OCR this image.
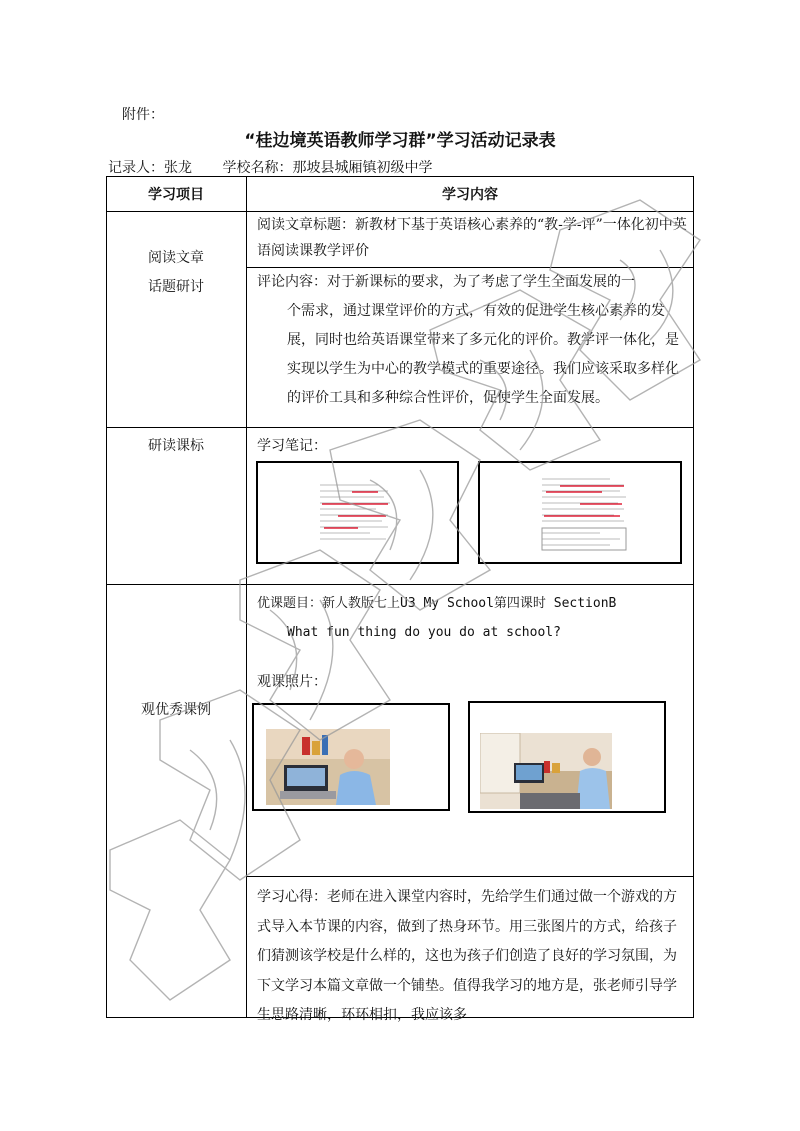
附件：
“桂边境英语教师学习群”学习活动记录表
记录人：张龙 学校名称：那坡县城厢镇初级中学
学习项目	学习内容
阅读文章
话题研讨
阅读文章标题：新教材下基于英语核心素养的“教-学-评”一体化初中英语阅读课教学评价
评论内容：对于新课标的要求，为了考虑了学生全面发展的一
个需求，通过课堂评价的方式，有效的促进学生核心素养的发展，同时也给英语课堂带来了多元化的评价。教学评一体化，是实现以学生为中心的教学模式的重要途径。我们应该采取多样化的评价工具和多种综合性评价，促使学生全面发展。
研读课标	学习笔记：
观优秀课例
优课题目：新人教版七上U3 My School第四课时 SectionB
What fun thing do you do at school?
观课照片：
学习心得：老师在进入课堂内容时，先给学生们通过做一个游戏的方式导入本节课的内容，做到了热身环节。用三张图片的方式，给孩子们猜测该学校是什么样的，这也为孩子们创造了良好的学习氛围，为下文学习本篇文章做一个铺垫。值得我学习的地方是，张老师引导学生思路清晰，环环相扣，我应该多
